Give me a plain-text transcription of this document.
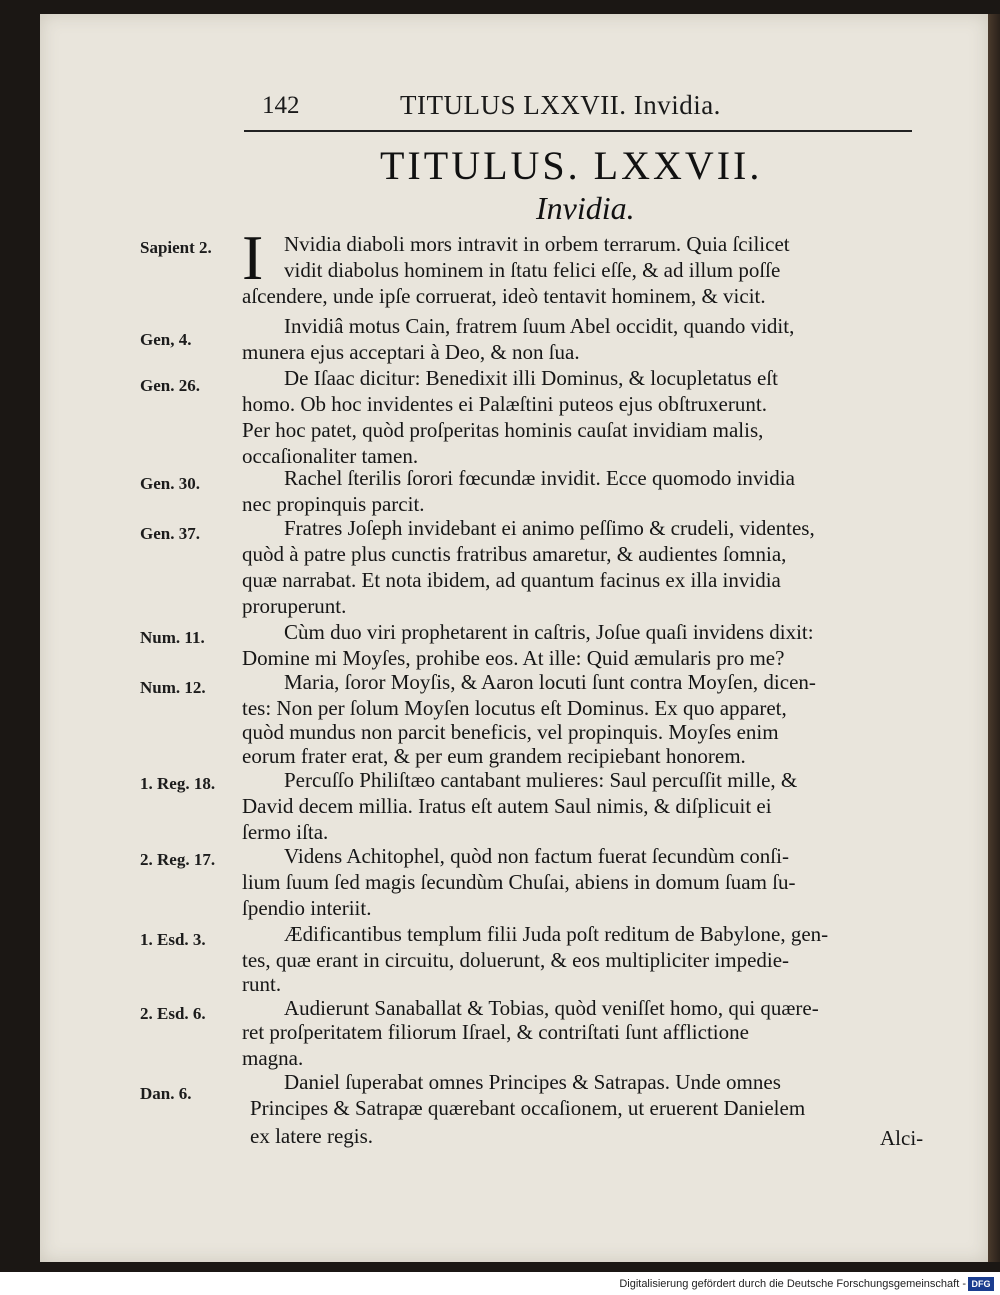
142	TITULUS LXXVII. Invidia.
TITULUS. LXXVII.
Invidia.
I
Sapient 2.
Gen, 4.
Gen. 26.
Gen. 30.
Gen. 37.
Num. 11.
Num. 12.
1. Reg. 18.
2. Reg. 17.
1. Esd. 3.
2. Esd. 6.
Dan. 6.
Nvidia diaboli mors intravit in orbem terrarum. Quia ſcilicet
vidit diabolus hominem in ſtatu felici eſſe, & ad illum poſſe
aſcendere, unde ipſe corruerat, ideò tentavit hominem, & vicit.
Invidiâ motus Cain, fratrem ſuum Abel occidit, quando vidit,
munera ejus acceptari à Deo, & non ſua.
De Iſaac dicitur: Benedixit illi Dominus, & locupletatus eſt
homo. Ob hoc invidentes ei Palæſtini puteos ejus obſtruxerunt.
Per hoc patet, quòd proſperitas hominis cauſat invidiam malis,
occaſionaliter tamen.
Rachel ſterilis ſorori fœcundæ invidit. Ecce quomodo invidia
nec propinquis parcit.
Fratres Joſeph invidebant ei animo peſſimo & crudeli, videntes,
quòd à patre plus cunctis fratribus amaretur, & audientes ſomnia,
quæ narrabat. Et nota ibidem, ad quantum facinus ex illa invidia
proruperunt.
Cùm duo viri prophetarent in caſtris, Joſue quaſi invidens dixit:
Domine mi Moyſes, prohibe eos. At ille: Quid æmularis pro me?
Maria, ſoror Moyſis, & Aaron locuti ſunt contra Moyſen, dicen-
tes: Non per ſolum Moyſen locutus eſt Dominus. Ex quo apparet,
quòd mundus non parcit beneficis, vel propinquis. Moyſes enim
eorum frater erat, & per eum grandem recipiebant honorem.
Percuſſo Philiſtæo cantabant mulieres: Saul percuſſit mille, &
David decem millia. Iratus eſt autem Saul nimis, & diſplicuit ei
ſermo iſta.
Videns Achitophel, quòd non factum fuerat ſecundùm conſi-
lium ſuum ſed magis ſecundùm Chuſai, abiens in domum ſuam ſu-
ſpendio interiit.
Ædificantibus templum filii Juda poſt reditum de Babylone, gen-
tes, quæ erant in circuitu, doluerunt, & eos multipliciter impedie-
runt.
Audierunt Sanaballat & Tobias, quòd veniſſet homo, qui quære-
ret proſperitatem filiorum Iſrael, & contriſtati ſunt afflictione
magna.
Daniel ſuperabat omnes Principes & Satrapas. Unde omnes
Principes & Satrapæ quærebant occaſionem, ut eruerent Danielem
ex latere regis.	Alci-
Digitalisierung gefördert durch die Deutsche Forschungsgemeinschaft - DFG
